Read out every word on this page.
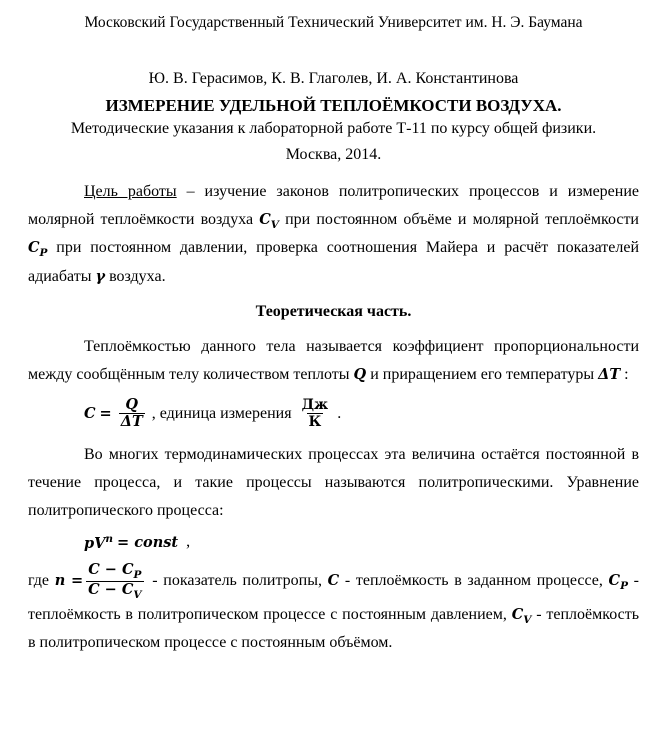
Московский Государственный Технический Университет им. Н. Э. Баумана
Ю. В. Герасимов, К. В. Глаголев, И. А. Константинова
ИЗМЕРЕНИЕ УДЕЛЬНОЙ ТЕПЛОЁМКОСТИ ВОЗДУХА.
Методические указания к лабораторной работе Т-11 по курсу общей физики.
Москва, 2014.

Цель работы – изучение законов политропических процессов и измерение молярной теплоёмкости воздуха $C_V$ при постоянном объёме и молярной теплоёмкости $C_P$ при постоянном давлении, проверка соотношения Майера и расчёт показателей адиабаты γ воздуха.

Теоретическая часть.

Теплоёмкостью данного тела называется коэффициент пропорциональности между сообщённым телу количеством теплоты Q и приращением его температуры ΔT :

$C = \frac{Q}{\Delta T}$ , единица измерения $\frac{Дж}{К}$ .

Во многих термодинамических процессах эта величина остаётся постоянной в течение процесса, и такие процессы называются политропическими. Уравнение политропического процесса:

$pV^n$ = const ,

где $n = \frac{C - C_P}{C - C_V}$ - показатель политропы, C - теплоёмкость в заданном процессе, $C_P$ - теплоёмкость в политропическом процессе с постоянным давлением, $C_V$ - теплоёмкость в политропическом процессе с постоянным объёмом.
